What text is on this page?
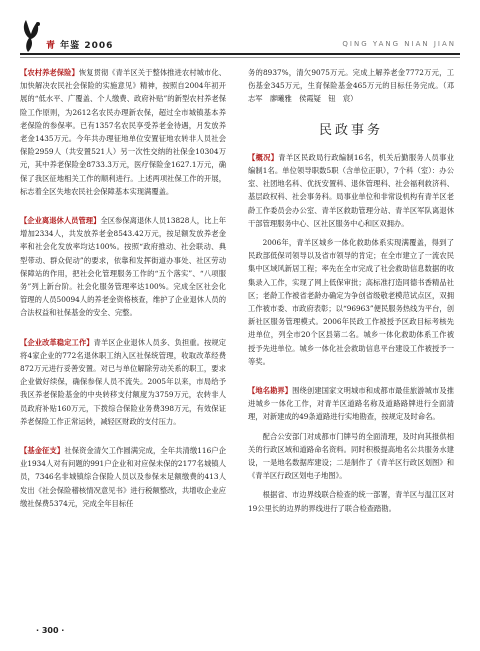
青 年鉴 2006	QING YANG NIAN JIAN

【农村养老保险】恢复贯彻《青羊区关于整体推进农村城市化、加快解决农民社会保险的实施意见》精神，按照自2004年初开展的“低水平、广覆盖、个人缴费、政府补贴”的新型农村养老保险工作原则，为2612名农民办理新农保，超过全市城镇基本养老保险的参保率。已有1357名农民享受养老金待遇，月发放养老金1435万元。今年共办理征地单位安置征地农转非人员社会保险2959人（共安置521人）另一次性交纳的社保金10304万元，其中养老保险金8733.3万元，医疗保险金1627.1万元，确保了我区征地相关工作的顺利进行。上述两项社保工作的开展，标志着全区失地农民社会保障基本实现满覆盖。

【企业离退休人员管理】全区参保离退休人员13828人，比上年增加2334人，共发放养老金8543.42万元，按足额发放养老金率和社会化发放率均达100%。按照“政府推动、社会联动、典型带动、群众促动”的要求，依靠和发挥街道办事处、社区劳动保障站的作用，把社会化管理服务工作的“五个落实”、“八项服务”列上新台阶。社会化服务管理率达100%。完成全区社会化管理的人员50094人的养老金资格核查，维护了企业退休人员的合法权益和社保基金的安全、完整。

【企业改革稳定工作】青羊区企业退休人员多、负担重。按规定将4家企业的772名退休职工纳入区社保统管理，收取改革经费872万元进行妥善安置。对已与单位解除劳动关系的职工，要求企业做好续保，确保参保人员不流失。2005年以来，市局给予我区养老保险基金的中央转移支付额度为3759万元，农转非人员政府补贴160万元，下拨综合保险业务费398万元，有效保证养老保险工作正常运转，减轻区财政的支付压力。

【基金征支】社保资金清欠工作圆满完成，全年共清缴116户企业1934人对有问题的991户企业和对应保未保的2177名城镇人员，7346名非城镇综合保险人员以及参保未足额缴费的413人发出《社会保险稽核情况意见书》进行税额整改，共增收企业应缴社保费5374元，完成全年目标任

务的8937%，清欠9075万元。完成上解养老金7772万元，工伤基金345万元，生育保险基金465万元的目标任务完成。（邓志军　廖曦雅　侯霞疑　钮　宸）

民政事务

【概况】青羊区民政局行政编制16名，机关后勤服务人员事业编制1名。单位领导职数5职（含单位正职），7个科（室）：办公室、社团地名科、优抚安置科、退休管理科、社会福利救济科、基层政权科、社会事务科。局事业单位和非常设机构有青羊区老龄工作委员会办公室、青羊区救助管理分站、青羊区军队离退休干部管理服务中心、区社区服务中心和区双拥办。

2006年，青羊区城乡一体化救助体系实现满覆盖，得到了民政部低保司领导以及省市领导的肯定；在全市建立了一流农民集中区域风新居工程；率先在全市完成了社会救助信息数据的收集录入工作，实现了网上低保审批；高标准打造同德书香精品社区；老龄工作被省老龄办确定为争创省级敬老模范试点区，双拥工作被市委、市政府表彰；以“96963”便民服务热线为平台，创新社区服务管理模式。2006年民政工作被授予区政目标考核先进单位，列全市20个区县第二名。城乡一体化救助体系工作被授予先进单位。城乡一体化社会救助信息平台建设工作被授予一等奖。

【地名勘界】围绕创建国家文明城市和成都市最佳旅游城市及推进城乡一体化工作，对青羊区道路名称及道路路牌进行全面清理，对新建成的49条道路进行实地勘查，按规定及时命名。

配合公安部门对成都市门牌号的全面清理，及时向其报供相关的行政区域和道路命名资料。同时积极提高地名公共服务水建设，一是地名数据库建设；二是制作了《青羊区行政区划图》和《青羊区行政区划电子地图》。

根据省、市边界线联合检查的统一部署，青羊区与温江区对19公里长的边界的界线进行了联合检查踏勘。

· 300 ·
